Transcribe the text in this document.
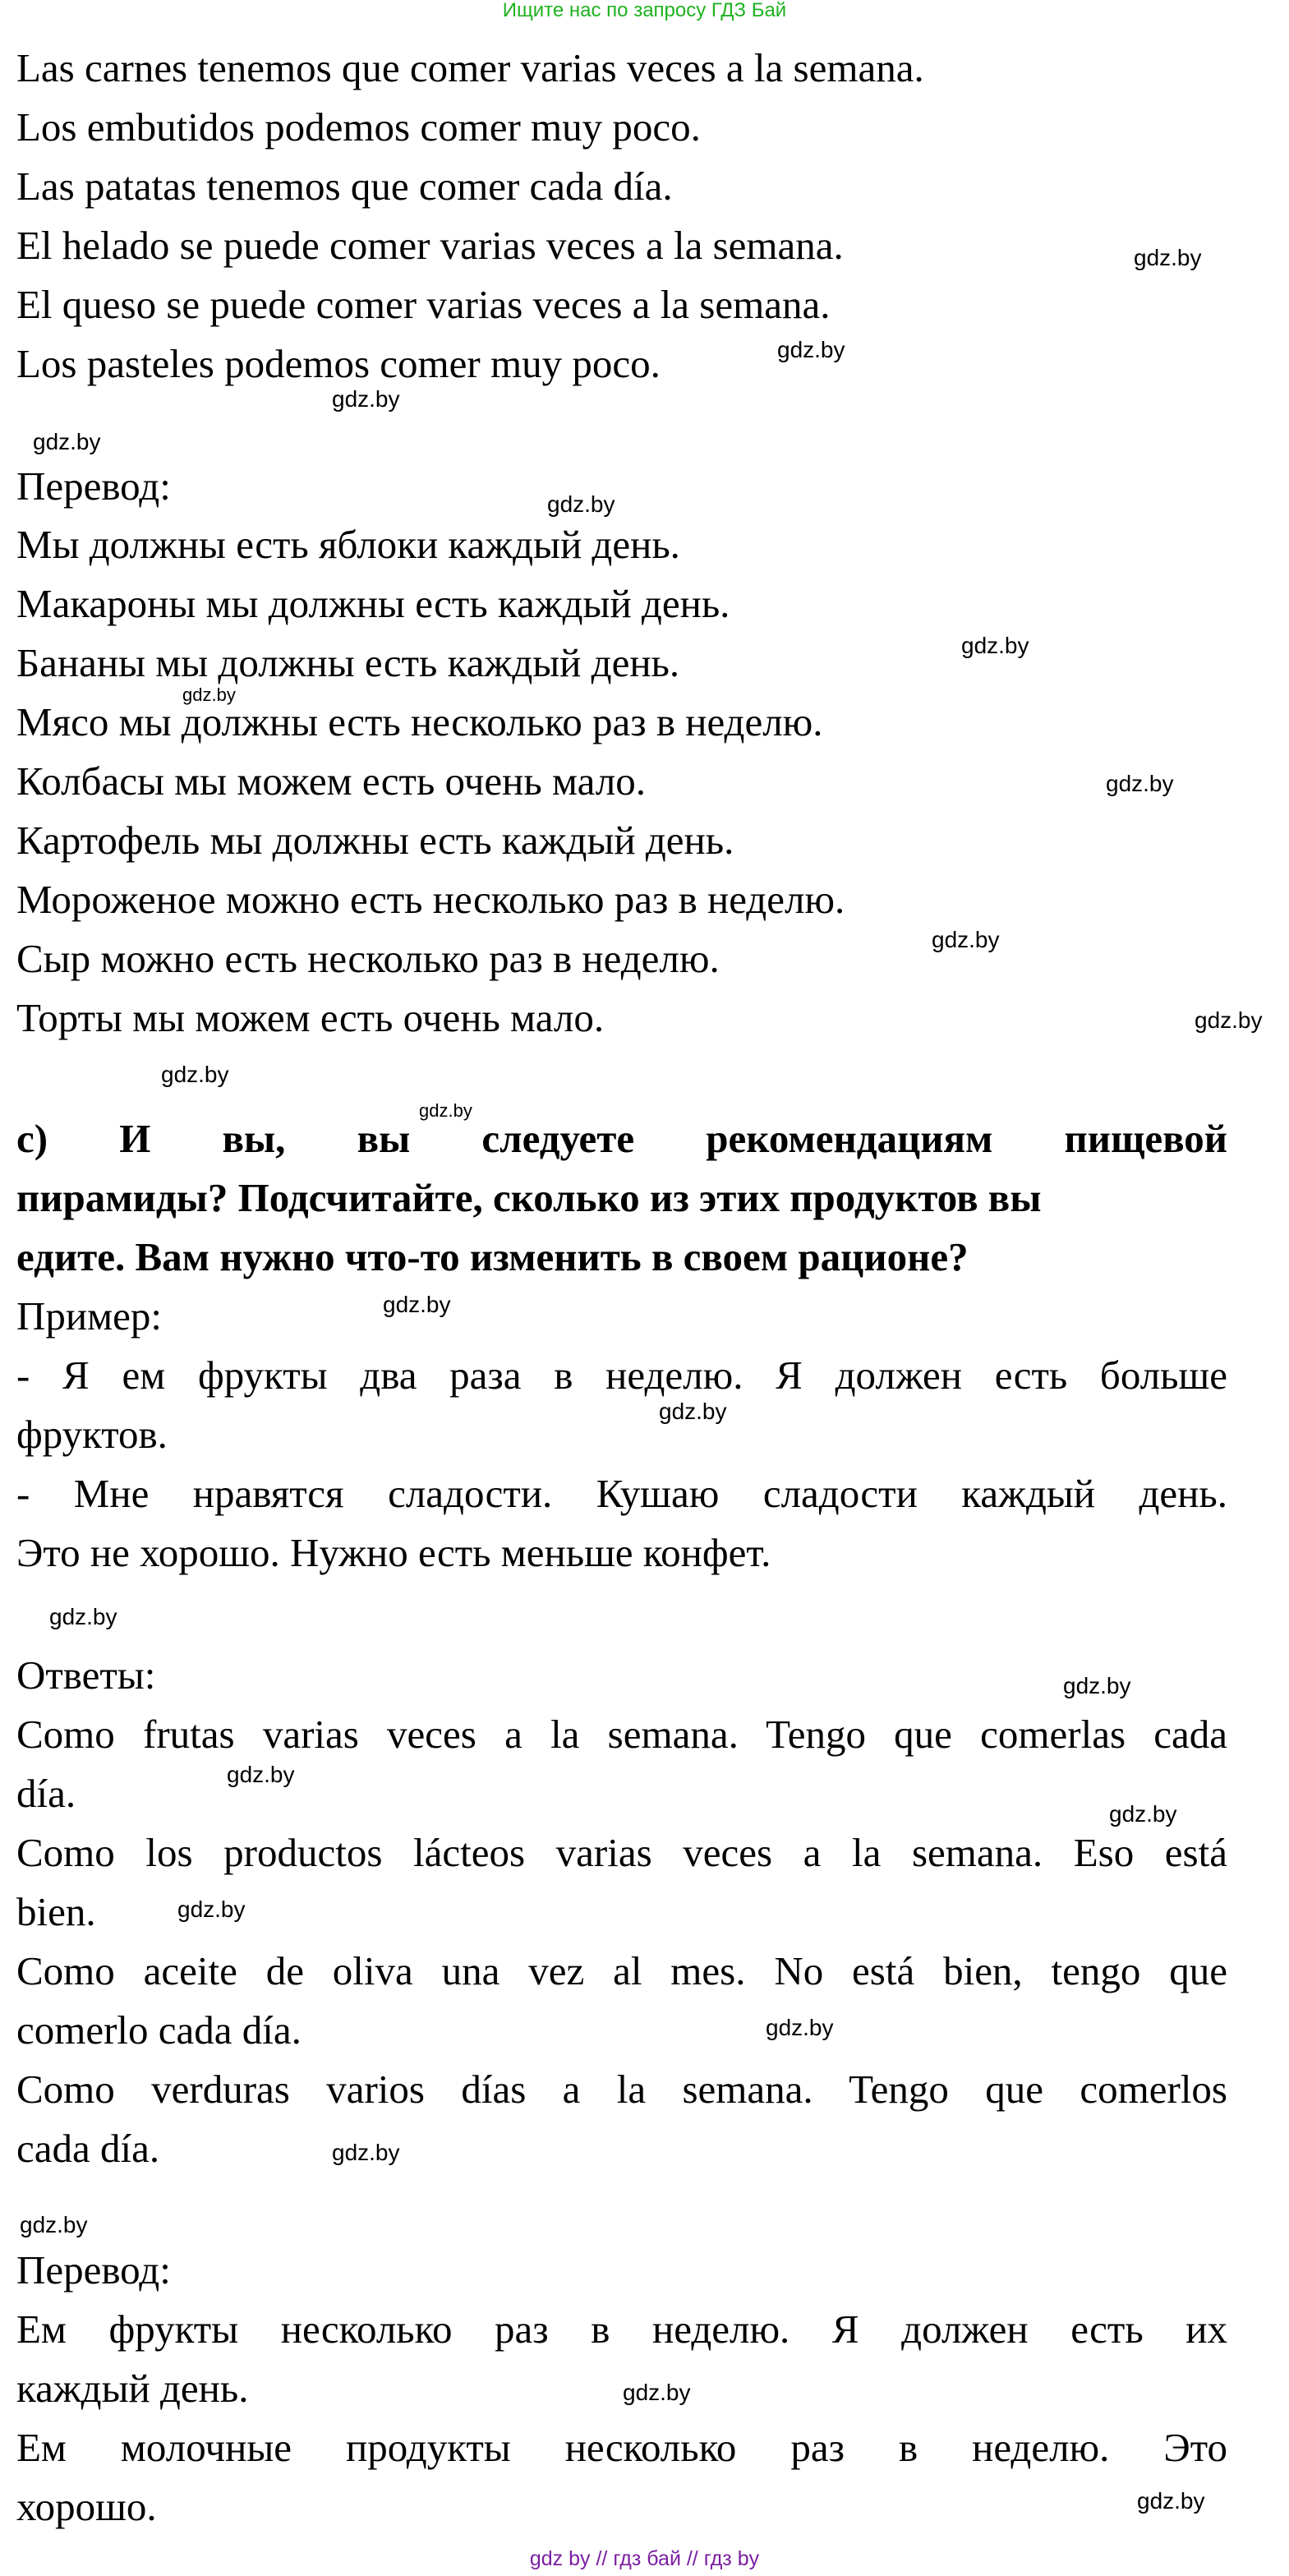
Ищите нас по запросу ГДЗ Бай
Las carnes tenemos que comer varias veces a la semana.
Los embutidos podemos comer muy poco.
Las patatas tenemos que comer cada día.
El helado se puede comer varias veces a la semana.
El queso se puede comer varias veces a la semana.
Los pasteles podemos comer muy poco.
Перевод:
Мы должны есть яблоки каждый день.
Макароны мы должны есть каждый день.
Бананы мы должны есть каждый день.
Мясо мы должны есть несколько раз в неделю.
Колбасы мы можем есть очень мало.
Картофель мы должны есть каждый день.
Мороженое можно есть несколько раз в неделю.
Сыр можно есть несколько раз в неделю.
Торты мы можем есть очень мало.
c) И вы, вы следуете рекомендациям пищевой
пирамиды? Подсчитайте, сколько из этих продуктов вы
едите. Вам нужно что-то изменить в своем рационе?
Пример:
- Я ем фрукты два раза в неделю. Я должен есть больше
фруктов.
- Мне нравятся сладости. Кушаю сладости каждый день.
Это не хорошо. Нужно есть меньше конфет.
Ответы:
Como frutas varias veces a la semana. Tengo que comerlas cada
día.
Como los productos lácteos varias veces a la semana. Eso está
bien.
Como aceite de oliva una vez al mes. No está bien, tengo que
comerlo cada día.
Como verduras varios días a la semana. Tengo que comerlos
cada día.
Перевод:
Ем фрукты несколько раз в неделю. Я должен есть их
каждый день.
Ем молочные продукты несколько раз в неделю. Это
хорошо.
gdz.by
gdz.by
gdz.by
gdz.by
gdz.by
gdz.by
gdz.by
gdz.by
gdz.by
gdz.by
gdz.by
gdz.by
gdz.by
gdz.by
gdz.by
gdz.by
gdz.by
gdz.by
gdz.by
gdz.by
gdz.by
gdz.by
gdz.by
gdz.by
gdz by // гдз бай // гдз by
